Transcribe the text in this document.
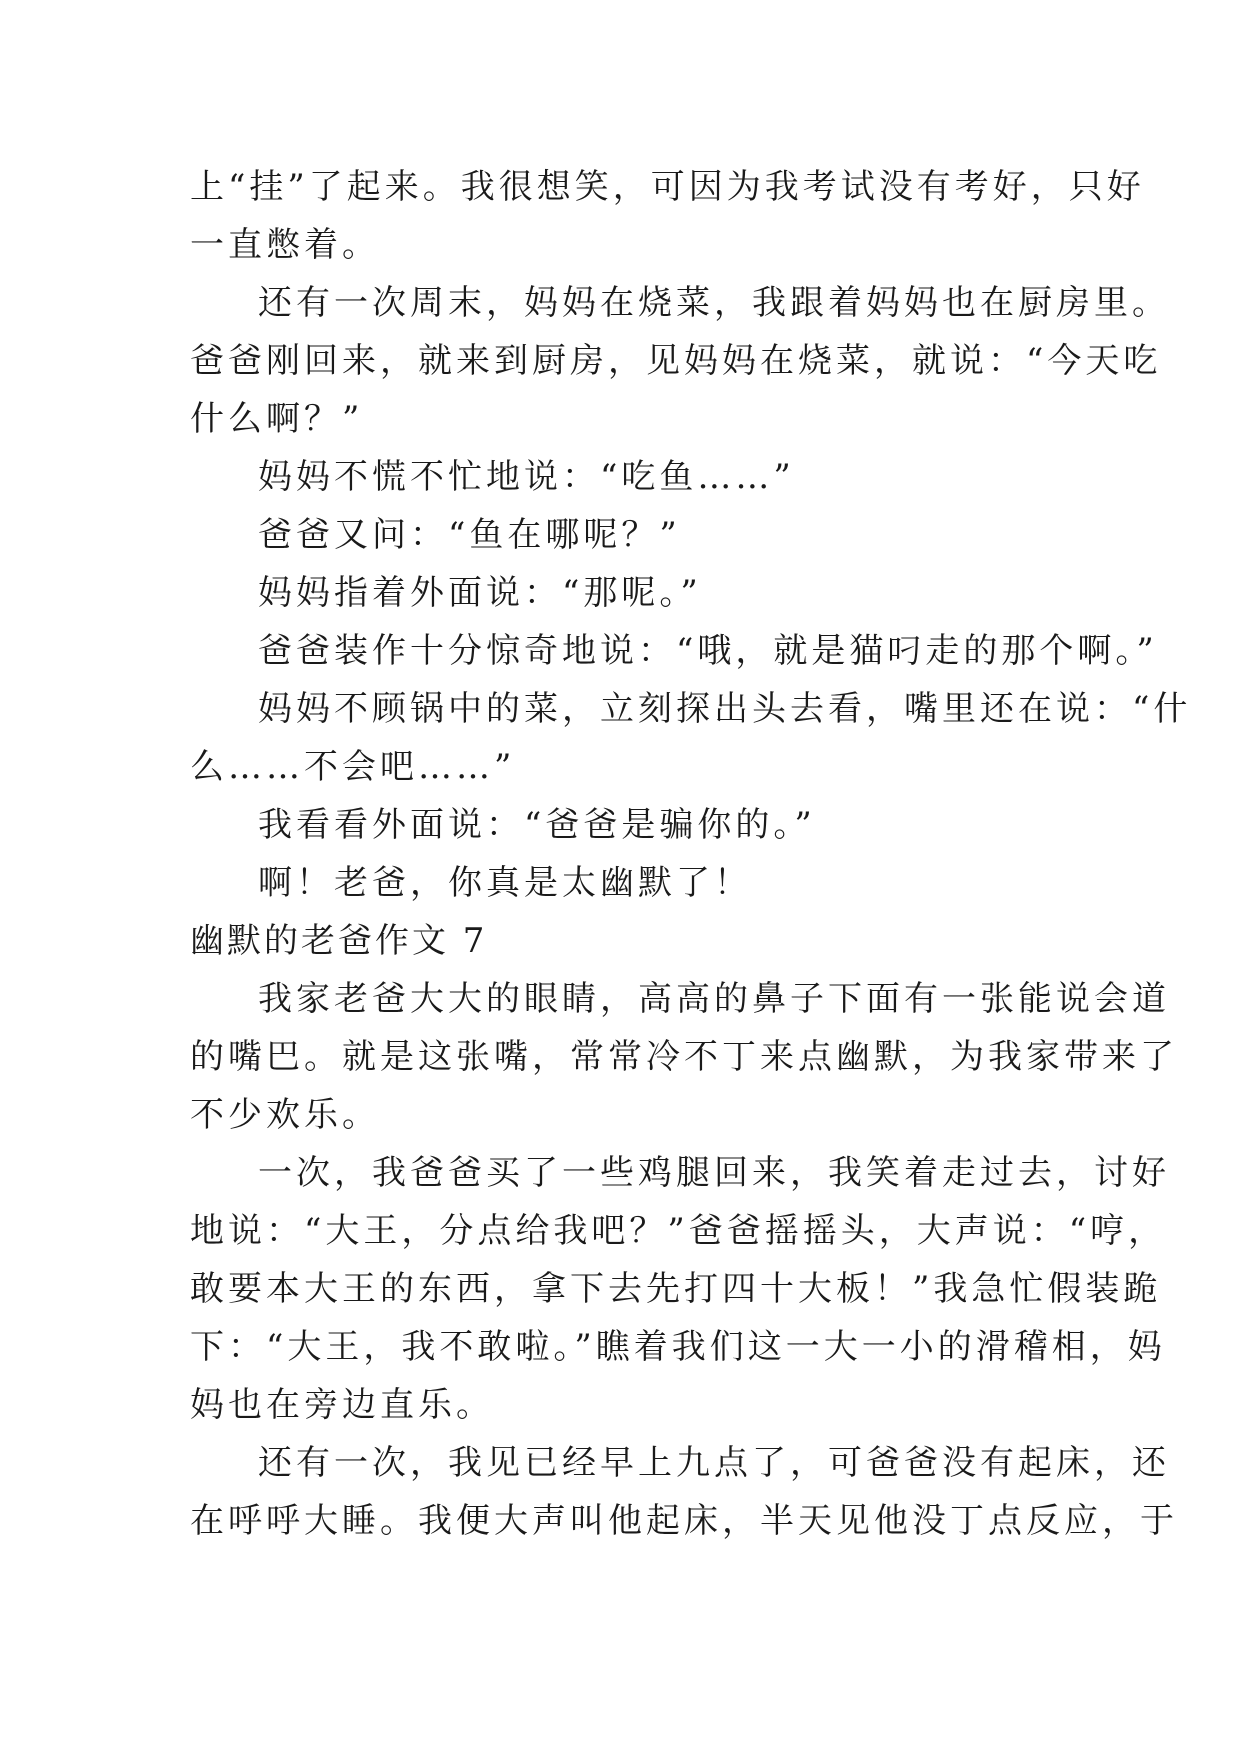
上“挂”了起来。我很想笑，可因为我考试没有考好，只好
一直憋着。
还有一次周末，妈妈在烧菜，我跟着妈妈也在厨房里。
爸爸刚回来，就来到厨房，见妈妈在烧菜，就说：“今天吃
什么啊？”
妈妈不慌不忙地说：“吃鱼……”
爸爸又问：“鱼在哪呢？”
妈妈指着外面说：“那呢。”
爸爸装作十分惊奇地说：“哦，就是猫叼走的那个啊。”
妈妈不顾锅中的菜，立刻探出头去看，嘴里还在说：“什
么……不会吧……”
我看看外面说：“爸爸是骗你的。”
啊！老爸，你真是太幽默了！
幽默的老爸作文 7
我家老爸大大的眼睛，高高的鼻子下面有一张能说会道
的嘴巴。就是这张嘴，常常冷不丁来点幽默，为我家带来了
不少欢乐。
一次，我爸爸买了一些鸡腿回来，我笑着走过去，讨好
地说：“大王，分点给我吧？”爸爸摇摇头，大声说：“哼，
敢要本大王的东西，拿下去先打四十大板！”我急忙假装跪
下：“大王，我不敢啦。”瞧着我们这一大一小的滑稽相，妈
妈也在旁边直乐。
还有一次，我见已经早上九点了，可爸爸没有起床，还
在呼呼大睡。我便大声叫他起床，半天见他没丁点反应，于
